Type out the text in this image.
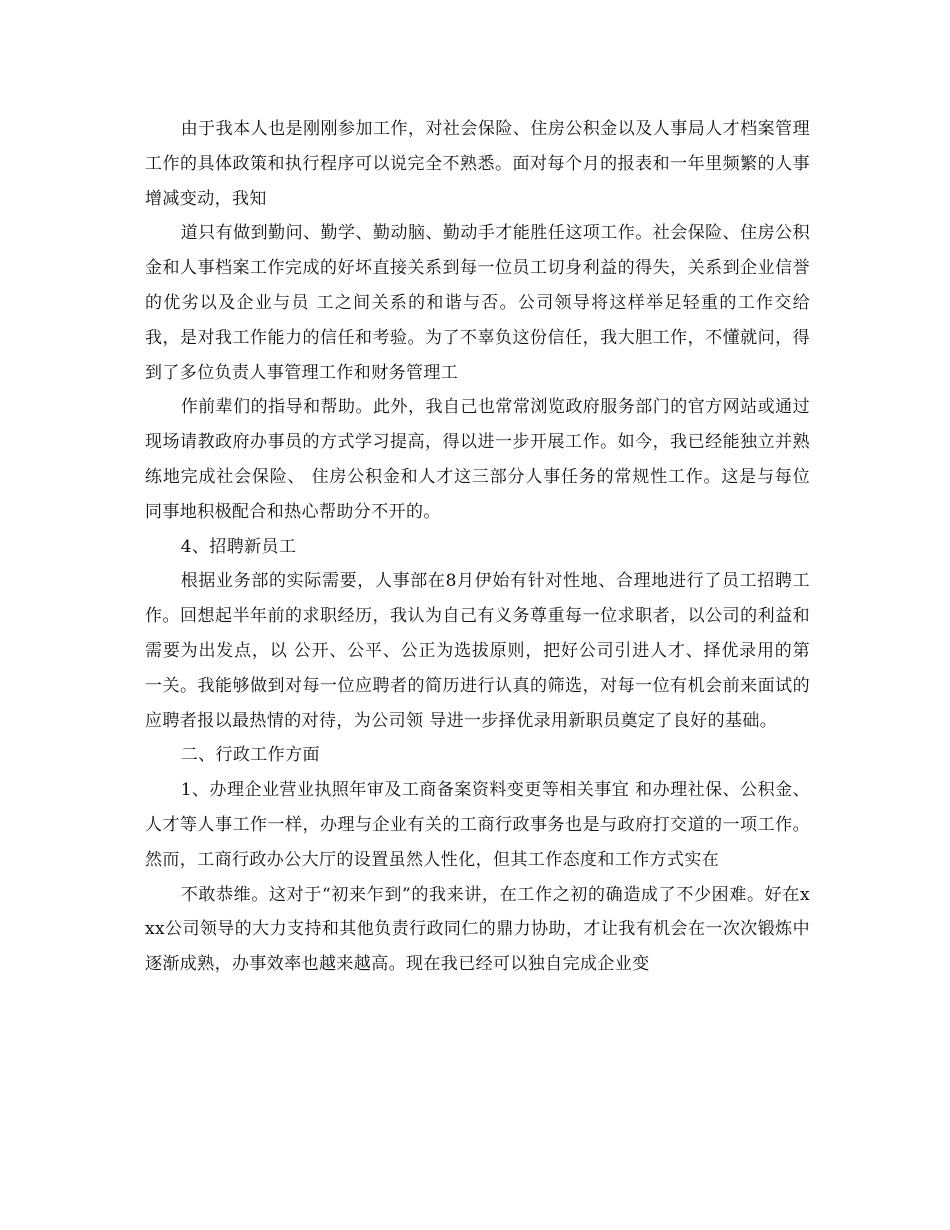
由于我本人也是刚刚参加工作，对社会保险、住房公积金以及人事局人才档案管理工作的具体政策和执行程序可以说完全不熟悉。面对每个月的报表和一年里频繁的人事增减变动，我知

道只有做到勤问、勤学、勤动脑、勤动手才能胜任这项工作。社会保险、住房公积金和人事档案工作完成的好坏直接关系到每一位员工切身利益的得失，关系到企业信誉的优劣以及企业与员 工之间关系的和谐与否。公司领导将这样举足轻重的工作交给我，是对我工作能力的信任和考验。为了不辜负这份信任，我大胆工作，不懂就问，得到了多位负责人事管理工作和财务管理工

作前辈们的指导和帮助。此外，我自己也常常浏览政府服务部门的官方网站或通过现场请教政府办事员的方式学习提高，得以进一步开展工作。如今，我已经能独立并熟练地完成社会保险、 住房公积金和人才这三部分人事任务的常规性工作。这是与每位同事地积极配合和热心帮助分不开的。

4、招聘新员工

根据业务部的实际需要，人事部在8月伊始有针对性地、合理地进行了员工招聘工作。回想起半年前的求职经历，我认为自己有义务尊重每一位求职者，以公司的利益和需要为出发点，以 公开、公平、公正为选拔原则，把好公司引进人才、择优录用的第一关。我能够做到对每一位应聘者的简历进行认真的筛选，对每一位有机会前来面试的应聘者报以最热情的对待，为公司领 导进一步择优录用新职员奠定了良好的基础。

二、行政工作方面

1、办理企业营业执照年审及工商备案资料变更等相关事宜 和办理社保、公积金、人才等人事工作一样，办理与企业有关的工商行政事务也是与政府打交道的一项工作。然而，工商行政办公大厅的设置虽然人性化，但其工作态度和工作方式实在

不敢恭维。这对于“初来乍到”的我来讲，在工作之初的确造成了不少困难。好在xxx公司领导的大力支持和其他负责行政同仁的鼎力协助，才让我有机会在一次次锻炼中逐渐成熟，办事效率也越来越高。现在我已经可以独自完成企业变
